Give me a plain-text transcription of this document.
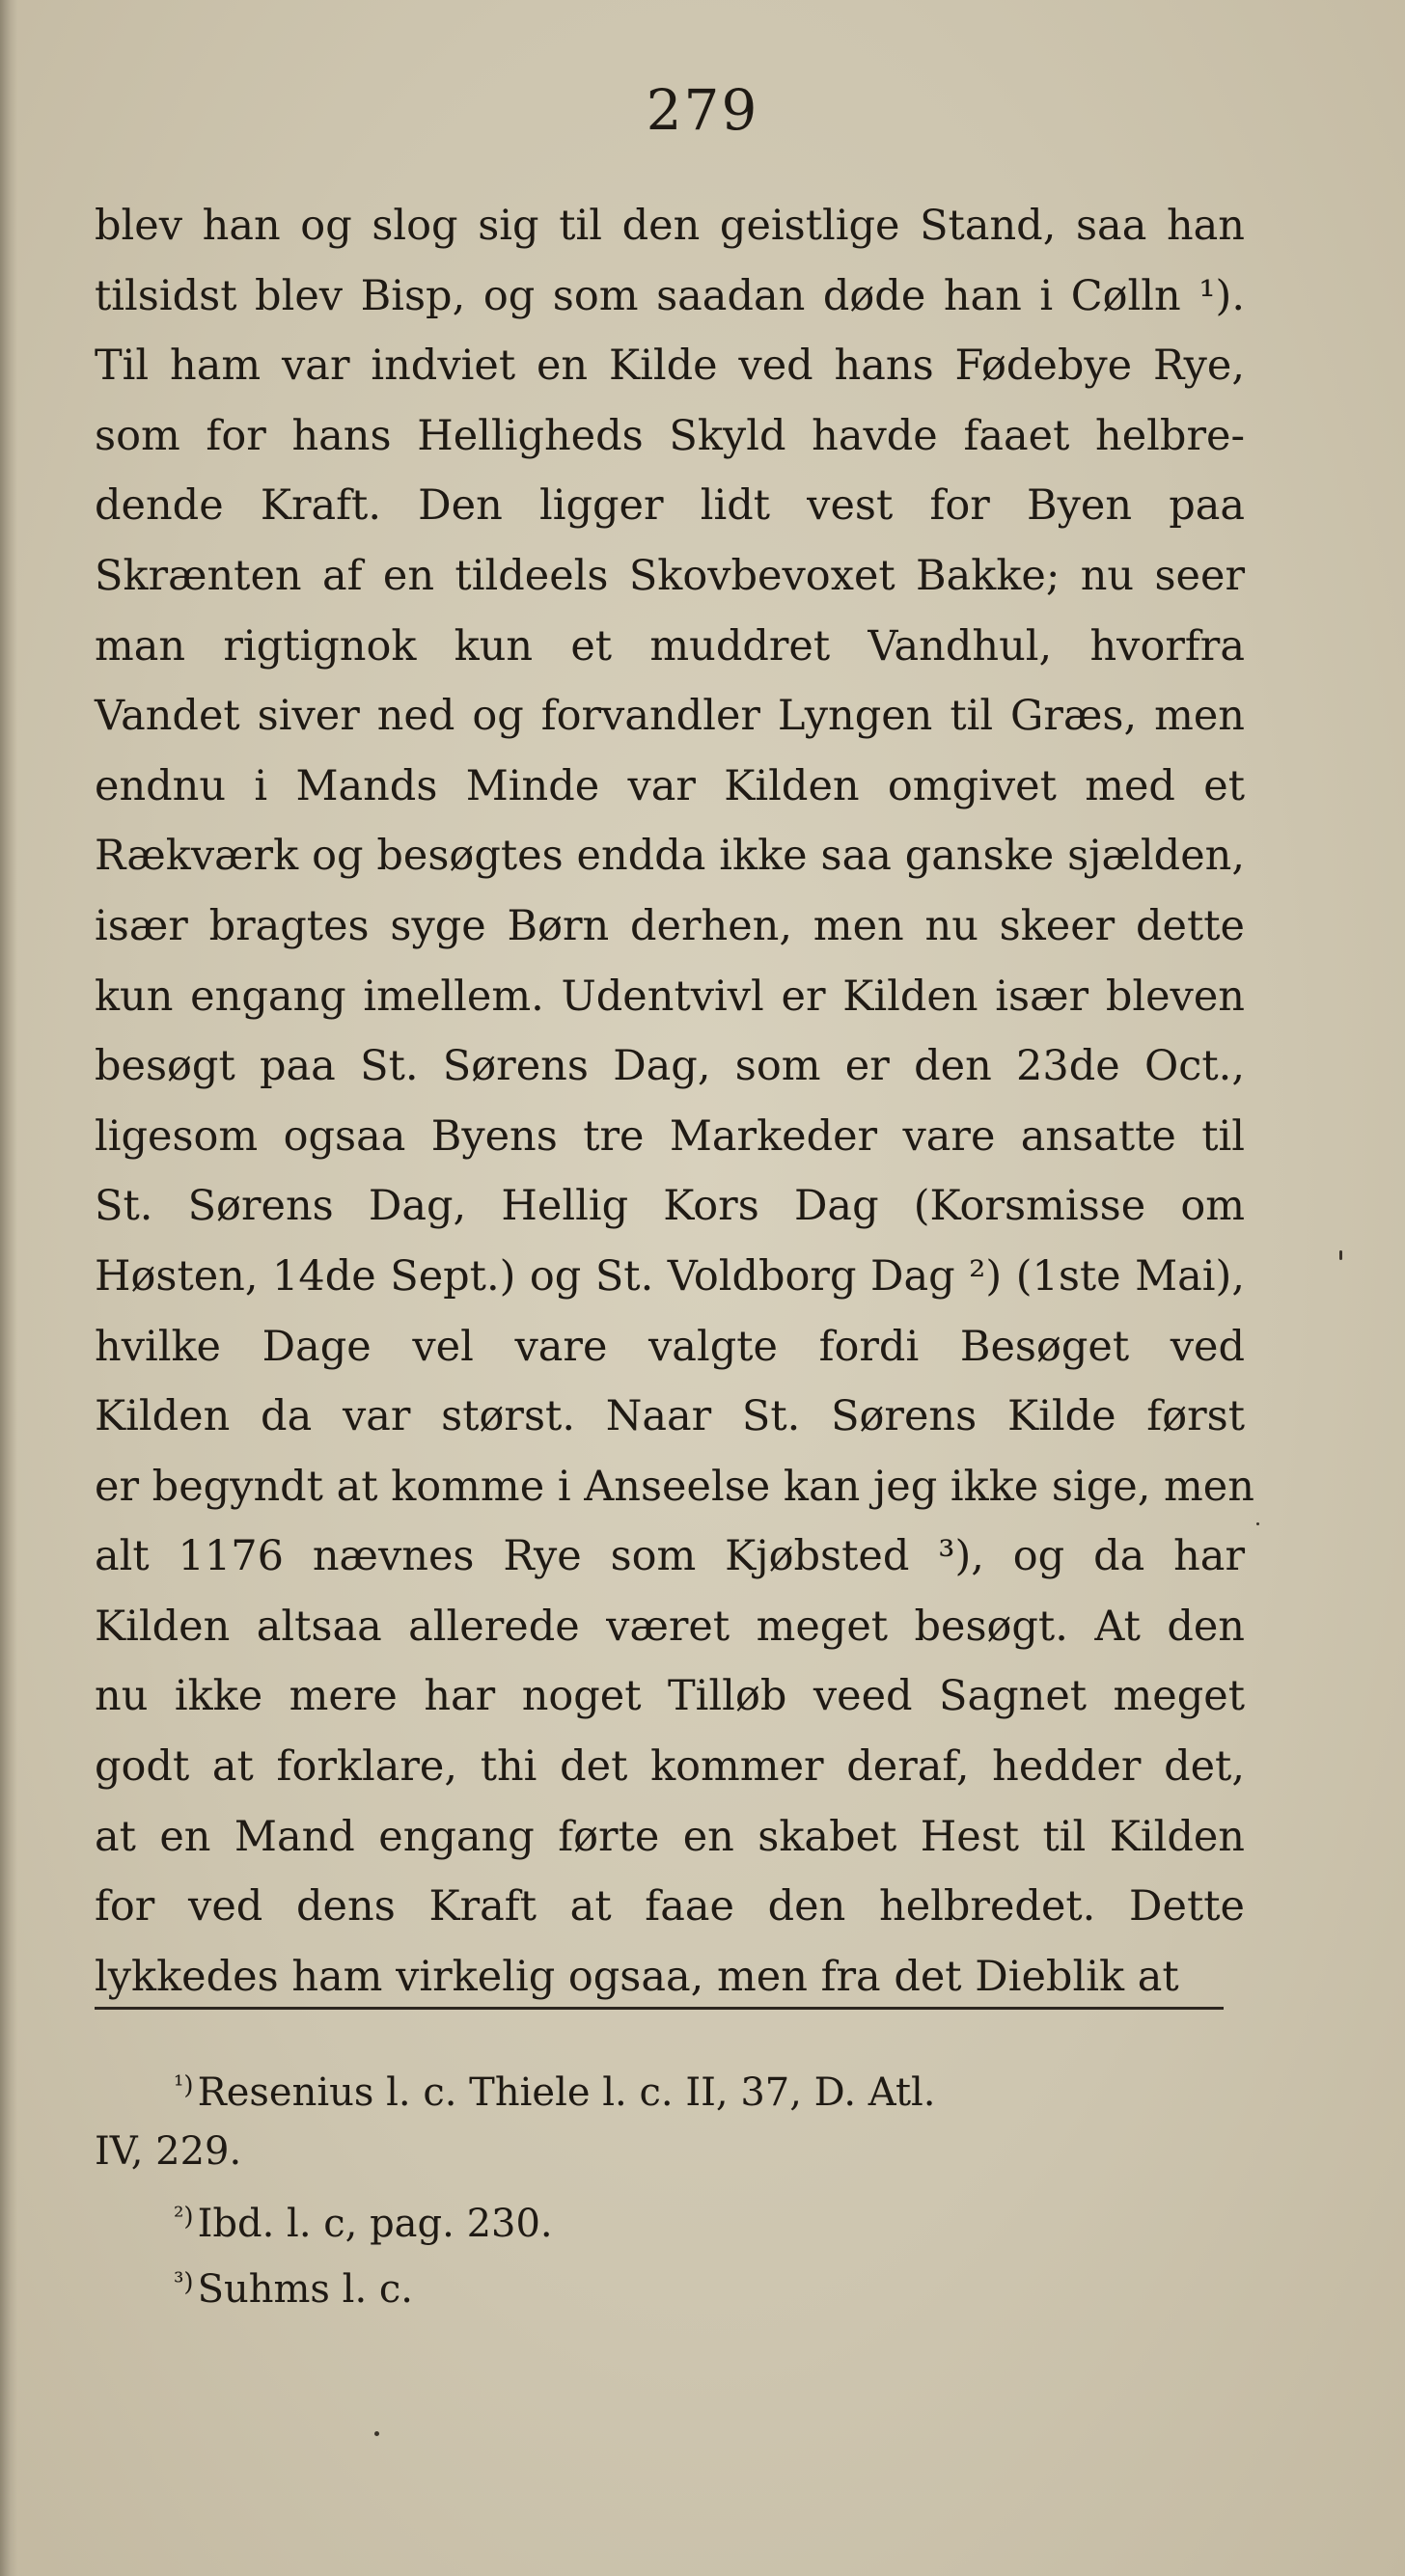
279
blev han og slog sig til den geistlige Stand, saa han
tilsidst blev Bisp, og som saadan døde han i Cølln ¹).
Til ham var indviet en Kilde ved hans Fødebye Rye,
som for hans Helligheds Skyld havde faaet helbre-
dende Kraft. Den ligger lidt vest for Byen paa
Skrænten af en tildeels Skovbevoxet Bakke; nu seer
man rigtignok kun et muddret Vandhul, hvorfra
Vandet siver ned og forvandler Lyngen til Græs, men
endnu i Mands Minde var Kilden omgivet med et
Rækværk og besøgtes endda ikke saa ganske sjælden,
især bragtes syge Børn derhen, men nu skeer dette
kun engang imellem. Udentvivl er Kilden især bleven
besøgt paa St. Sørens Dag, som er den 23de Oct.,
ligesom ogsaa Byens tre Markeder vare ansatte til
St. Sørens Dag, Hellig Kors Dag (Korsmisse om
Høsten, 14de Sept.) og St. Voldborg Dag ²) (1ste Mai),
hvilke Dage vel vare valgte fordi Besøget ved
Kilden da var størst. Naar St. Sørens Kilde først
er begyndt at komme i Anseelse kan jeg ikke sige, men
alt 1176 nævnes Rye som Kjøbsted ³), og da har
Kilden altsaa allerede været meget besøgt. At den
nu ikke mere har noget Tilløb veed Sagnet meget
godt at forklare, thi det kommer deraf, hedder det,
at en Mand engang førte en skabet Hest til Kilden
for ved dens Kraft at faae den helbredet. Dette
lykkedes ham virkelig ogsaa, men fra det Dieblik at
$^{^1)}$ Resenius l. c. Thiele l. c. II, 37, D. Atl.
IV, 229.
$^{^2)}$ Ibd. l. c, pag. 230.
$^{^3)}$ Suhms l. c.
